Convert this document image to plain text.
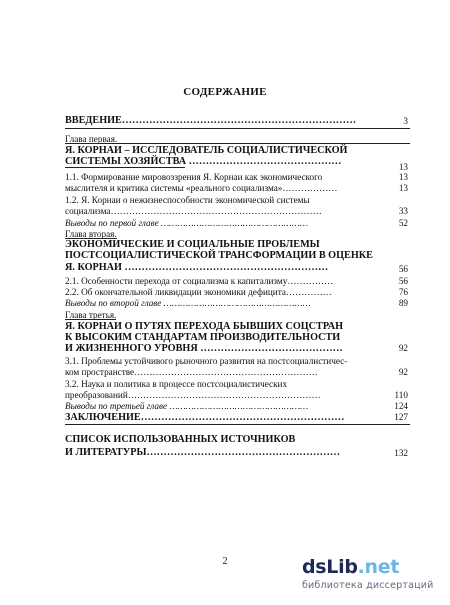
СОДЕРЖАНИЕ
ВВЕДЕНИЕ……………………………………………………………	3
Глава первая.
Я. КОРНАИ – ИССЛЕДОВАТЕЛЬ СОЦИАЛИСТИЧЕСКОЙ
СИСТЕМЫ ХОЗЯЙСТВА ………………………………………	13
1.1. Формирование мировоззрения Я. Корнаи как экономического	13
мыслителя и критика системы «реального социализма»………………	13
1.2. Я. Корнаи о нежизнеспособности экономической системы
социализма……………………………………………………………	33
Выводы по первой главе ………………………………………………	52
Глава вторая.
ЭКОНОМИЧЕСКИЕ И СОЦИАЛЬНЫЕ ПРОБЛЕМЫ
ПОСТСОЦИАЛИСТИЧЕСКОЙ ТРАНСФОРМАЦИИ В ОЦЕНКЕ
Я. КОРНАИ ……………………………………………………	56
2.1. Особенности перехода от социализма к капитализму……………	56
2.2. Об окончательной ликвидации экономики дефицита……………	76
Выводы по второй главе ………………………………………………	89
Глава третья.
Я. КОРНАИ О ПУТЯХ ПЕРЕХОДА БЫВШИХ СОЦСТРАН
К ВЫСОКИМ СТАНДАРТАМ ПРОИЗВОДИТЕЛЬНОСТИ
И ЖИЗНЕННОГО УРОВНЯ ……………………………………	92
3.1. Проблемы устойчивого рыночного развития на постсоциалистичес-
ком пространстве……………………………………………………	92
3.2. Наука и политика в процессе постсоциалистических
преобразований………………………………………………………	110
Выводы по третьей главе ……………………………………………	124
ЗАКЛЮЧЕНИЕ……………………………………………………	127
СПИСОК ИСПОЛЬЗОВАННЫХ ИСТОЧНИКОВ
И ЛИТЕРАТУРЫ…………………………………………………	132
2	dsLib.net
библиотека диссертаций
